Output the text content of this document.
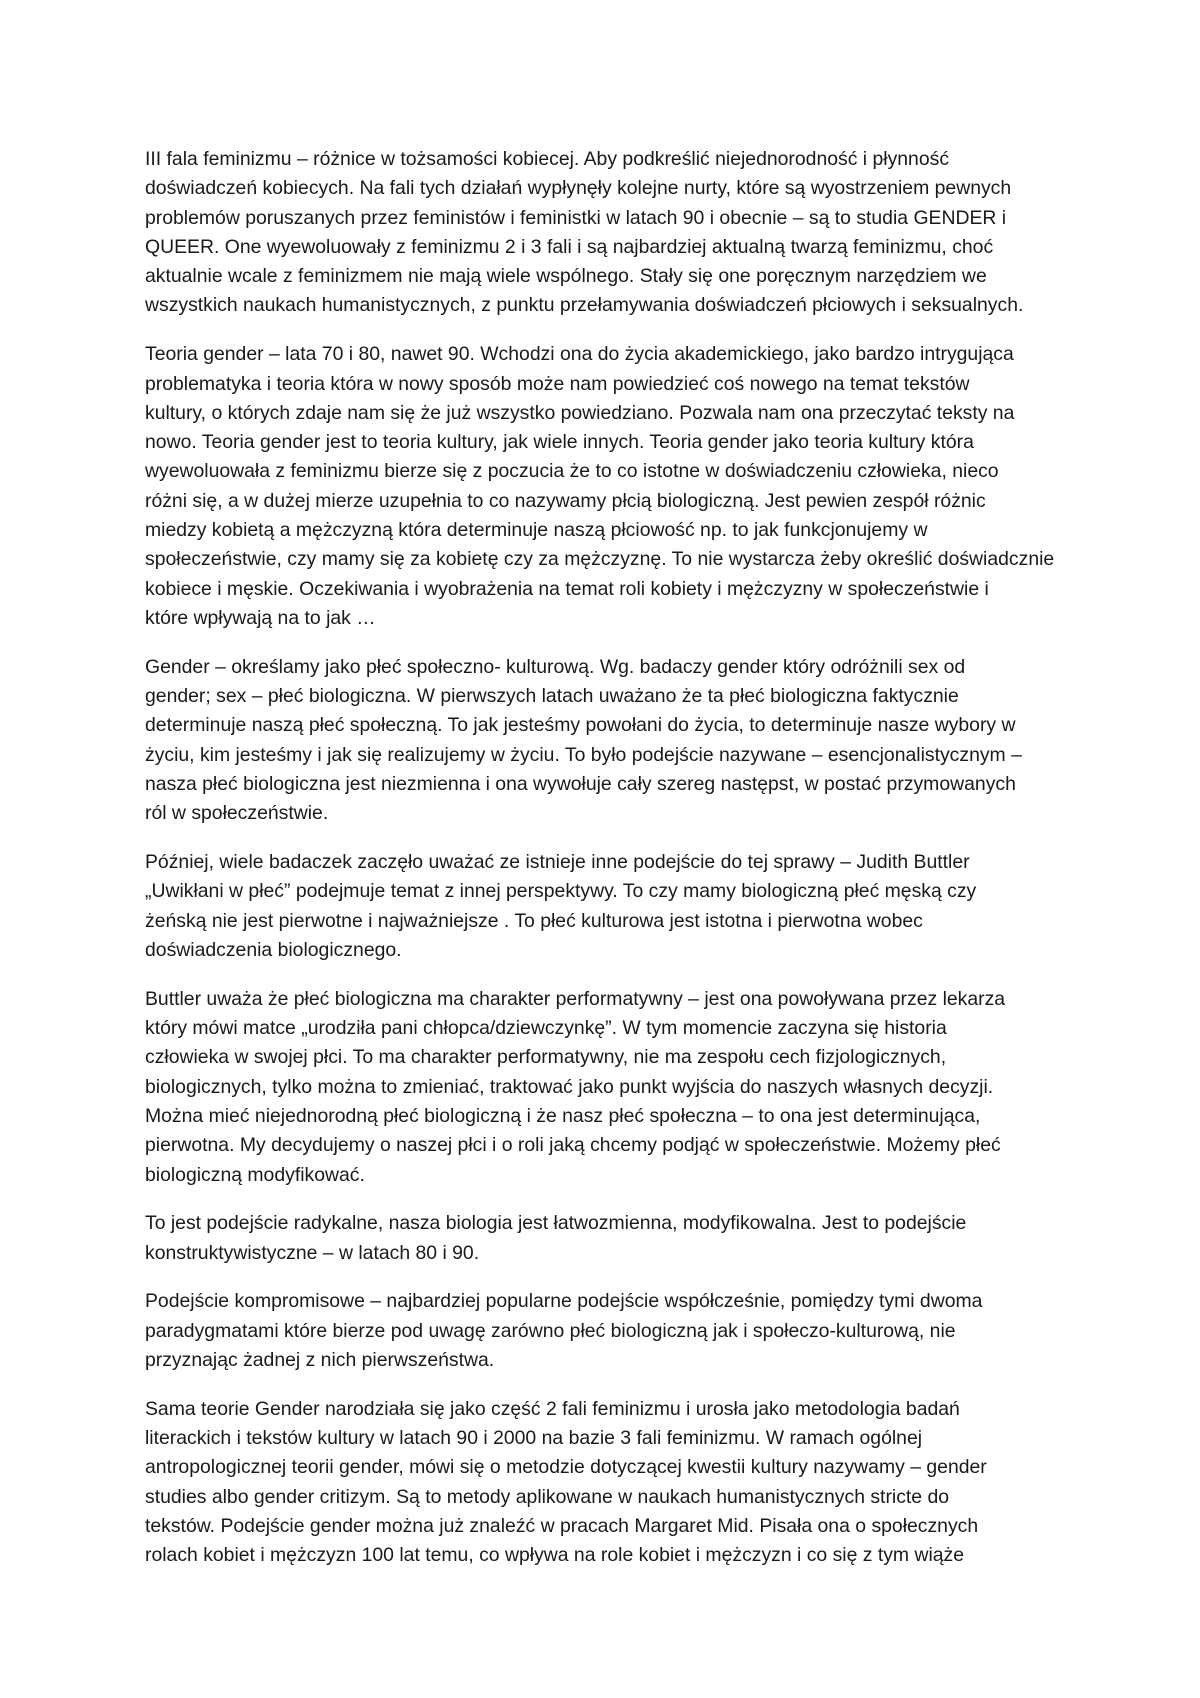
III fala feminizmu – różnice w tożsamości kobiecej. Aby podkreślić niejednorodność i płynność
doświadczeń kobiecych. Na fali tych działań wypłynęły kolejne nurty, które są wyostrzeniem pewnych
problemów poruszanych przez feministów i feministki w latach 90 i obecnie – są to studia GENDER i
QUEER. One wyewoluowały z feminizmu 2 i 3 fali i są najbardziej aktualną twarzą feminizmu, choć
aktualnie wcale z feminizmem nie mają wiele wspólnego. Stały się one poręcznym narzędziem we
wszystkich naukach humanistycznych, z punktu przełamywania doświadczeń płciowych i seksualnych.

Teoria gender – lata 70 i 80, nawet 90. Wchodzi ona do życia akademickiego, jako bardzo intrygująca
problematyka i teoria która w nowy sposób może nam powiedzieć coś nowego na temat tekstów
kultury, o których zdaje nam się że już wszystko powiedziano. Pozwala nam ona przeczytać teksty na
nowo. Teoria gender jest to teoria kultury, jak wiele innych. Teoria gender jako teoria kultury która
wyewoluowała z feminizmu bierze się z poczucia że to co istotne w doświadczeniu człowieka, nieco
różni się, a w dużej mierze uzupełnia to co nazywamy płcią biologiczną. Jest pewien zespół różnic
miedzy kobietą a mężczyzną która determinuje naszą płciowość np. to jak funkcjonujemy w
społeczeństwie, czy mamy się za kobietę czy za mężczyznę. To nie wystarcza żeby określić doświadcznie
kobiece i męskie. Oczekiwania i wyobrażenia na temat roli kobiety i mężczyzny w społeczeństwie i
które wpływają na to jak …

Gender – określamy jako płeć społeczno- kulturową. Wg. badaczy gender który odróżnili sex od
gender; sex – płeć biologiczna. W pierwszych latach uważano że ta płeć biologiczna faktycznie
determinuje naszą płeć społeczną. To jak jesteśmy powołani do życia, to determinuje nasze wybory w
życiu, kim jesteśmy i jak się realizujemy w życiu. To było podejście nazywane – esencjonalistycznym –
nasza płeć biologiczna jest niezmienna i ona wywołuje cały szereg następst, w postać przymowanych
ról w społeczeństwie.

Później, wiele badaczek zaczęło uważać ze istnieje inne podejście do tej sprawy – Judith Buttler
„Uwikłani w płeć” podejmuje temat z innej perspektywy. To czy mamy biologiczną płeć męską czy
żeńską nie jest pierwotne i najważniejsze . To płeć kulturowa jest istotna i pierwotna wobec
doświadczenia biologicznego.

Buttler uważa że płeć biologiczna ma charakter performatywny – jest ona powoływana przez lekarza
który mówi matce „urodziła pani chłopca/dziewczynkę”. W tym momencie zaczyna się historia
człowieka w swojej płci. To ma charakter performatywny, nie ma zespołu cech fizjologicznych,
biologicznych, tylko można to zmieniać, traktować jako punkt wyjścia do naszych własnych decyzji.
Można mieć niejednorodną płeć biologiczną i że nasz płeć społeczna – to ona jest determinująca,
pierwotna. My decydujemy o naszej płci i o roli jaką chcemy podjąć w społeczeństwie. Możemy płeć
biologiczną modyfikować.

To jest podejście radykalne, nasza biologia jest łatwozmienna, modyfikowalna. Jest to podejście
konstruktywistyczne – w latach 80 i 90.

Podejście kompromisowe – najbardziej popularne podejście współcześnie, pomiędzy tymi dwoma
paradygmatami które bierze pod uwagę zarówno płeć biologiczną jak i społeczo-kulturową, nie
przyznając żadnej z nich pierwszeństwa.

Sama teorie Gender narodziała się jako część 2 fali feminizmu i urosła jako metodologia badań
literackich i tekstów kultury w latach 90 i 2000 na bazie 3 fali feminizmu. W ramach ogólnej
antropologicznej teorii gender, mówi się o metodzie dotyczącej kwestii kultury nazywamy – gender
studies albo gender critizym. Są to metody aplikowane w naukach humanistycznych stricte do
tekstów. Podejście gender można już znaleźć w pracach Margaret Mid. Pisała ona o społecznych
rolach kobiet i mężczyzn 100 lat temu, co wpływa na role kobiet i mężczyzn i co się z tym wiąże
